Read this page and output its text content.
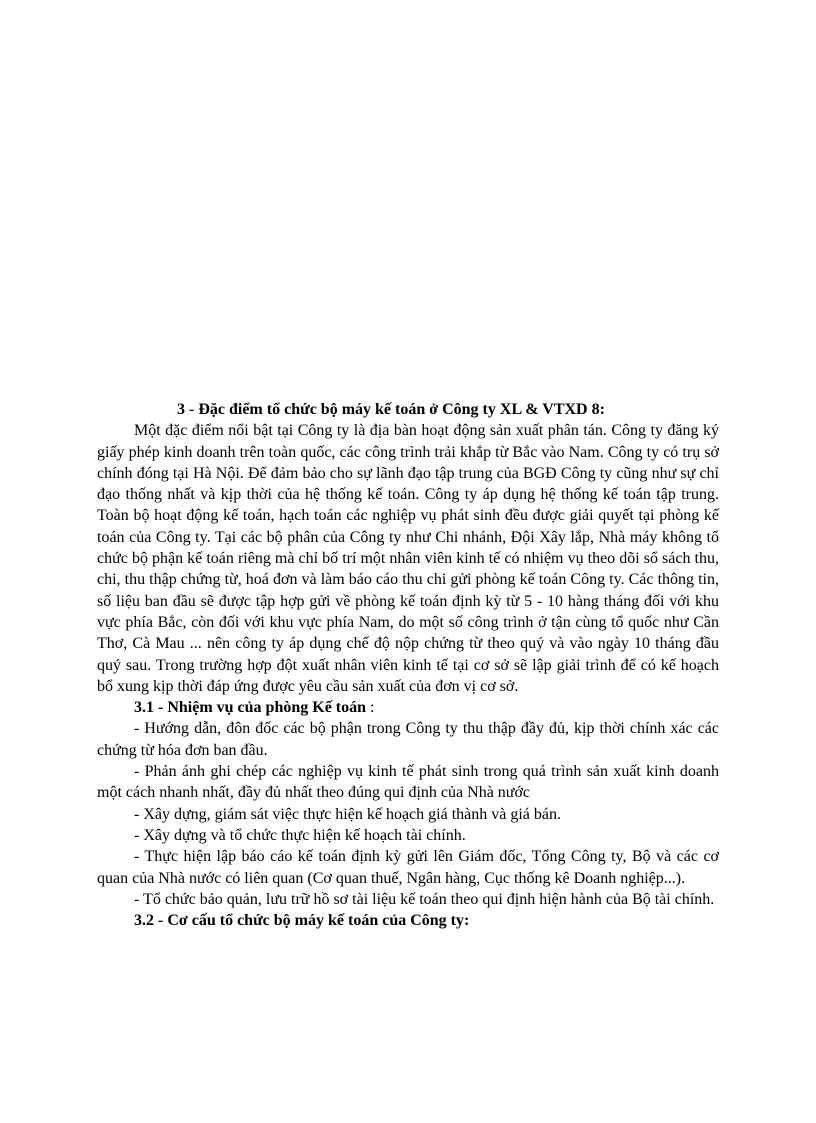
3 - Đặc điểm tổ chức bộ máy kế toán ở Công ty XL & VTXD 8:

Một đặc điểm nổi bật tại Công ty là địa bàn hoạt động sản xuất phân tán. Công ty đăng ký giấy phép kinh doanh trên toàn quốc, các công trình trải khắp từ Bắc vào Nam. Công ty có trụ sở chính đóng tại Hà Nội. Để đảm bảo cho sự lãnh đạo tập trung của BGĐ Công ty cũng như sự chỉ đạo thống nhất và kịp thời của hệ thống kế toán. Công ty áp dụng hệ thống kế toán tập trung. Toàn bộ hoạt động kế toán, hạch toán các nghiệp vụ phát sinh đều được giải quyết tại phòng kế toán của Công ty. Tại các bộ phân của Công ty như Chi nhánh, Đội Xây lắp, Nhà máy không tổ chức bộ phận kế toán riêng mà chỉ bố trí một nhân viên kinh tế có nhiệm vụ theo dõi sổ sách thu, chi, thu thập chứng từ, hoá đơn và làm báo cáo thu chi gửi phòng kế toán Công ty. Các thông tin, số liệu ban đầu sẽ được tập hợp gửi về phòng kế toán định kỳ từ 5 - 10 hàng tháng đối với khu vực phía Bắc, còn đối với khu vực phía Nam, do một số công trình ở tận cùng tổ quốc như Cần Thơ, Cà Mau ... nên công ty áp dụng chế độ nộp chứng từ theo quý và vào ngày 10 tháng đầu quý sau. Trong trường hợp đột xuất nhân viên kinh tế tại cơ sở sẽ lập giải trình để có kế hoạch bổ xung kịp thời đáp ứng được yêu cầu sản xuất của đơn vị cơ sở.

3.1 - Nhiệm vụ của phòng Kế toán :

- Hướng dẫn, đôn đốc các bộ phận trong Công ty thu thập đầy đủ, kịp thời chính xác các chứng từ hóa đơn ban đầu.

- Phản ánh ghi chép các nghiệp vụ kinh tế phát sinh trong quá trình sản xuất kinh doanh một cách nhanh nhất, đầy đủ nhất theo đúng qui định của Nhà nước

- Xây dựng, giám sát việc thực hiện kế hoạch giá thành và giá bán.

- Xây dựng và tổ chức thực hiện kế hoạch tài chính.

- Thực hiện lập báo cáo kế toán định kỳ gửi lên Giám đốc, Tổng Công ty, Bộ và các cơ quan của Nhà nước có liên quan (Cơ quan thuế, Ngân hàng, Cục thống kê Doanh nghiệp...).

- Tổ chức bảo quản, lưu trữ hồ sơ tài liệu kế toán theo qui định hiện hành của Bộ tài chính.

3.2 - Cơ cấu tổ chức bộ máy kế toán của Công ty:
